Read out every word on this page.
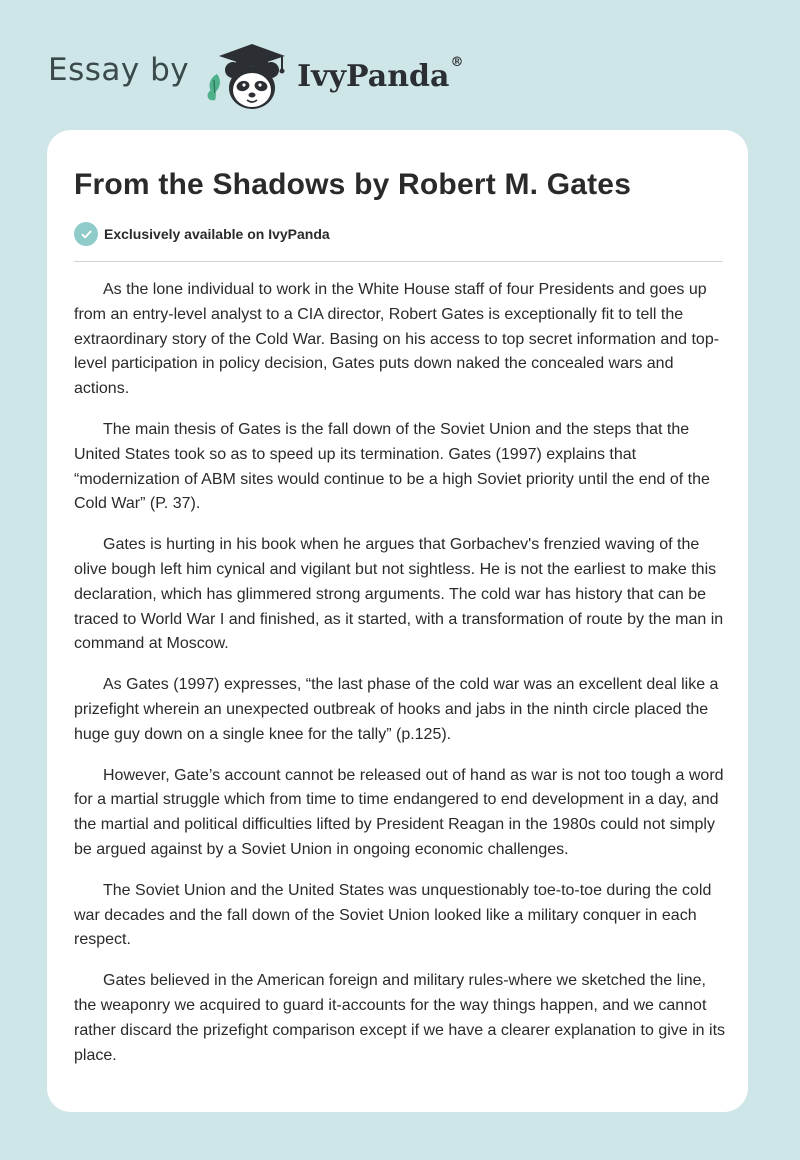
Essay by	IvyPanda®
From the Shadows by Robert M. Gates
Exclusively available on IvyPanda

As the lone individual to work in the White House staff of four Presidents and goes up from an entry-level analyst to a CIA director, Robert Gates is exceptionally fit to tell the extraordinary story of the Cold War. Basing on his access to top secret information and top-level participation in policy decision, Gates puts down naked the concealed wars and actions.

The main thesis of Gates is the fall down of the Soviet Union and the steps that the United States took so as to speed up its termination. Gates (1997) explains that “modernization of ABM sites would continue to be a high Soviet priority until the end of the Cold War” (P. 37).

Gates is hurting in his book when he argues that Gorbachev's frenzied waving of the olive bough left him cynical and vigilant but not sightless. He is not the earliest to make this declaration, which has glimmered strong arguments. The cold war has history that can be traced to World War I and finished, as it started, with a transformation of route by the man in command at Moscow.

As Gates (1997) expresses, “the last phase of the cold war was an excellent deal like a prizefight wherein an unexpected outbreak of hooks and jabs in the ninth circle placed the huge guy down on a single knee for the tally” (p.125).

However, Gate’s account cannot be released out of hand as war is not too tough a word for a martial struggle which from time to time endangered to end development in a day, and the martial and political difficulties lifted by President Reagan in the 1980s could not simply be argued against by a Soviet Union in ongoing economic challenges.

The Soviet Union and the United States was unquestionably toe-to-toe during the cold war decades and the fall down of the Soviet Union looked like a military conquer in each respect.

Gates believed in the American foreign and military rules-where we sketched the line, the weaponry we acquired to guard it-accounts for the way things happen, and we cannot rather discard the prizefight comparison except if we have a clearer explanation to give in its place.
